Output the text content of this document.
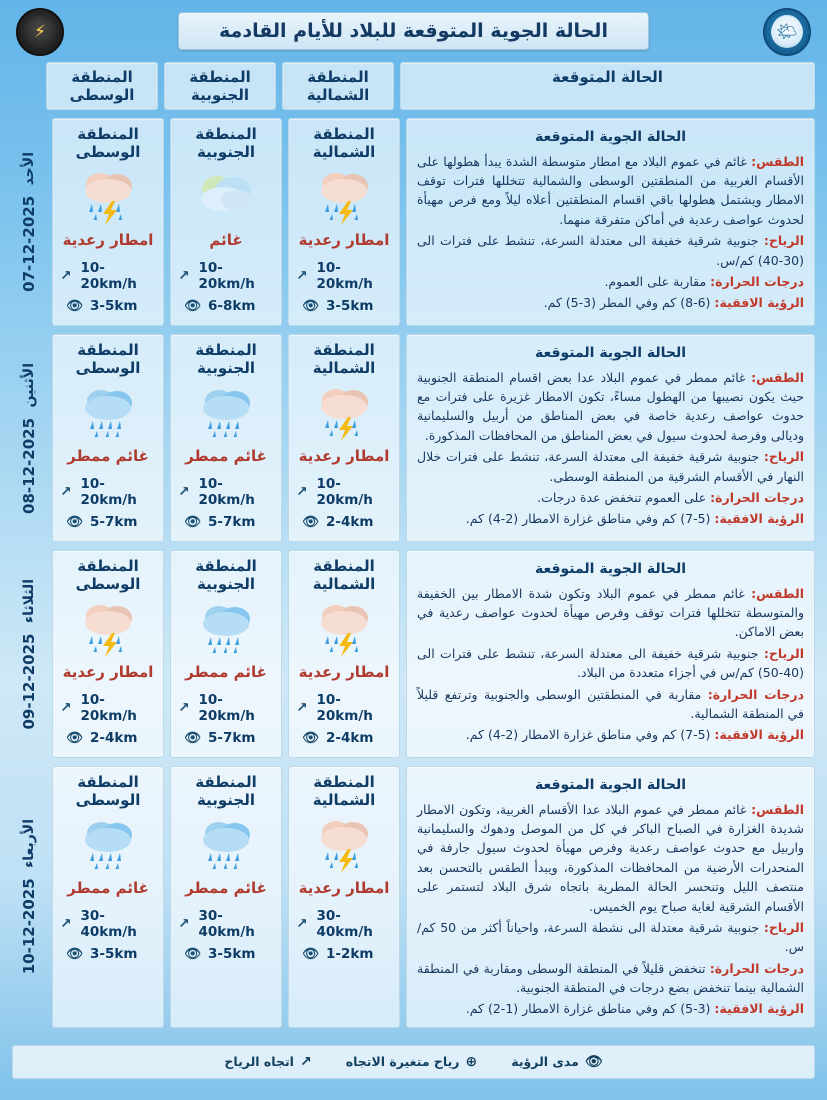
⚡	الحالة الجوية المتوقعة للبلاد للأيام القادمة	🌤
الحالة المتوقعة
المنطقة الشمالية
المنطقة الجنوبية
المنطقة الوسطى
الحالة الجوية المتوقعة

الطقس: غائم في عموم البلاد مع امطار متوسطة الشدة يبدأ هطولها على الأقسام الغربية من المنطقتين الوسطى والشمالية تتخللها فترات توقف الامطار ويشتمل هطولها باقي اقسام المنطقتين أعلاه ليلاً ومع فرص مهيأة لحدوث عواصف رعدية في أماكن متفرقة منهما.

الرياح: جنوبية شرقية خفيفة الى معتدلة السرعة، تنشط على فترات الى (30-40) كم/س.

درجات الحرارة: مقاربة على العموم.

الرؤية الافقية: (6-8) كم وفي المطر (3-5) كم.

المنطقة الشمالية
امطار رعدية
↗ 10-20km/h
👁 3-5km
المنطقة الجنوبية
غائم
↗ 10-20km/h
👁 6-8km
المنطقة الوسطى
امطار رعدية
↗ 10-20km/h
👁 3-5km
الأحد  2025-12-07
الحالة الجوية المتوقعة

الطقس: غائم ممطر في عموم البلاد عدا بعض اقسام المنطقة الجنوبية حيث يكون نصيبها من الهطول مساءً، تكون الامطار غزيرة على فترات مع حدوث عواصف رعدية خاصة في بعض المناطق من أربيل والسليمانية وديالى وفرصة لحدوث سيول في بعض المناطق من المحافظات المذكورة.

الرياح: جنوبية شرقية خفيفة الى معتدلة السرعة، تنشط على فترات خلال النهار في الأقسام الشرقية من المنطقة الوسطى.

درجات الحرارة: على العموم تنخفض عدة درجات.

الرؤية الافقية: (5-7) كم وفي مناطق غزارة الامطار (2-4) كم.

المنطقة الشمالية
امطار رعدية
↗ 10-20km/h
👁 2-4km
المنطقة الجنوبية
غائم ممطر
↗ 10-20km/h
👁 5-7km
المنطقة الوسطى
غائم ممطر
↗ 10-20km/h
👁 5-7km
الأثنين  2025-12-08
الحالة الجوية المتوقعة

الطقس: غائم ممطر في عموم البلاد وتكون شدة الامطار بين الخفيفة والمتوسطة تتخللها فترات توقف وفرص مهيأة لحدوث عواصف رعدية في بعض الاماكن.

الرياح: جنوبية شرقية خفيفة الى معتدلة السرعة، تنشط على فترات الى (40-50) كم/س في أجزاء متعددة من البلاد.

درجات الحرارة: مقاربة في المنطقتين الوسطى والجنوبية وترتفع قليلاً في المنطقة الشمالية.

الرؤية الافقية: (5-7) كم وفي مناطق غزارة الامطار (2-4) كم.

المنطقة الشمالية
امطار رعدية
↗ 10-20km/h
👁 2-4km
المنطقة الجنوبية
غائم ممطر
↗ 10-20km/h
👁 5-7km
المنطقة الوسطى
امطار رعدية
↗ 10-20km/h
👁 2-4km
الثلاثاء  2025-12-09
الحالة الجوية المتوقعة

الطقس: غائم ممطر في عموم البلاد عدا الأقسام الغربية، وتكون الامطار شديدة الغزارة في الصباح الباكر في كل من الموصل ودهوك والسليمانية واربيل مع حدوث عواصف رعدية وفرص مهيأة لحدوث سيول جارفة في المنحدرات الأرضية من المحافظات المذكورة، ويبدأ الطقس بالتحسن بعد منتصف الليل وتنحسر الحالة المطرية باتجاه شرق البلاد لتستمر على الأقسام الشرقية لغاية صباح يوم الخميس.

الرياح: جنوبية شرقية معتدلة الى نشطة السرعة، واحياناً أكثر من 50 كم/س.

درجات الحرارة: تنخفض قليلاً في المنطقة الوسطى ومقاربة في المنطقة الشمالية بينما تنخفض بضع درجات في المنطقة الجنوبية.

الرؤية الافقية: (3-5) كم وفي مناطق غزارة الامطار (1-2) كم.

المنطقة الشمالية
امطار رعدية
↗ 30-40km/h
👁 1-2km
المنطقة الجنوبية
غائم ممطر
↗ 30-40km/h
👁 3-5km
المنطقة الوسطى
غائم ممطر
↗ 30-40km/h
👁 3-5km
الأربعاء  2025-12-10
👁
مدى الرؤية
⊕
رياح متغيرة الاتجاه
↗
اتجاه الرياح
